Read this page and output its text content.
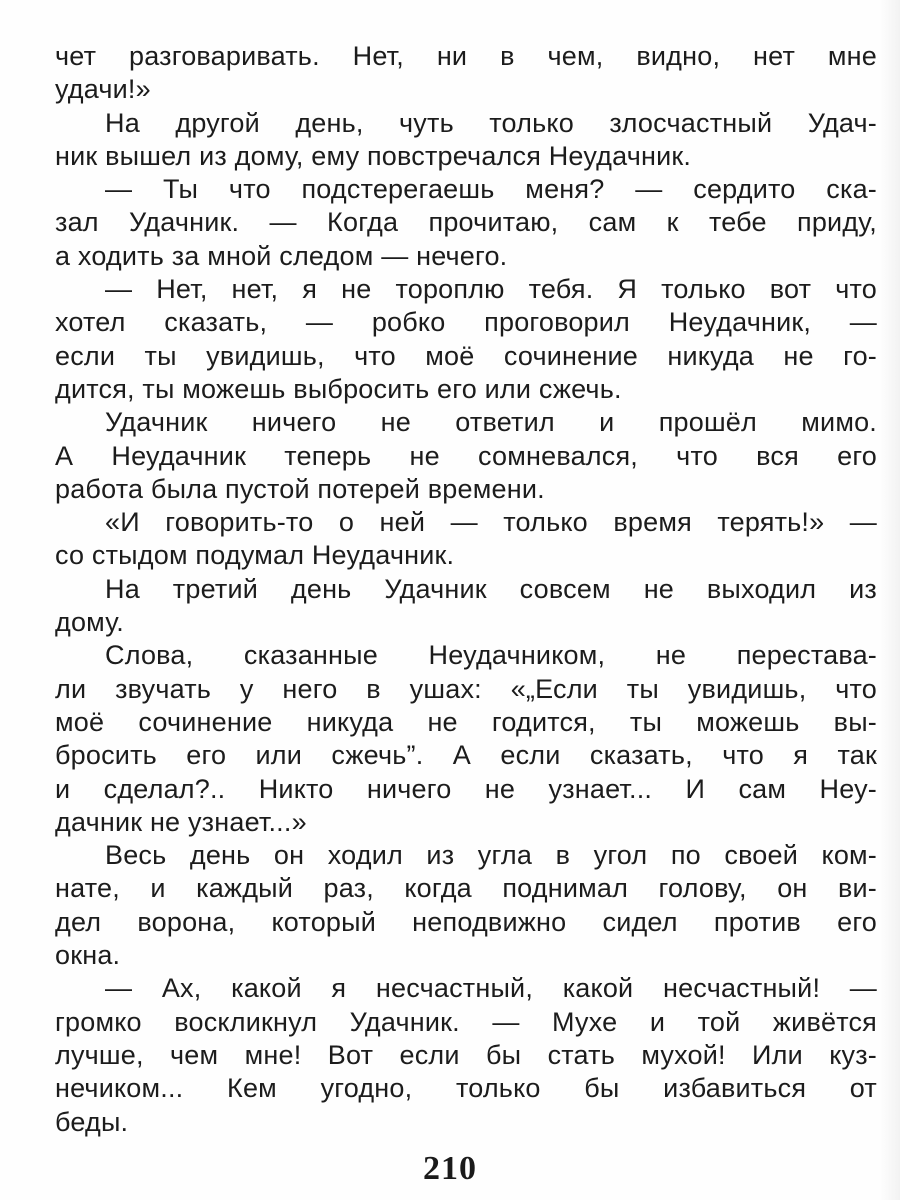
чет разговаривать. Нет, ни в чем, видно, нет мне
удачи!»
На другой день, чуть только злосчастный Удач-
ник вышел из дому, ему повстречался Неудачник.
— Ты что подстерегаешь меня? — сердито ска-
зал Удачник. — Когда прочитаю, сам к тебе приду,
а ходить за мной следом — нечего.
— Нет, нет, я не тороплю тебя. Я только вот что
хотел сказать, — робко проговорил Неудачник, —
если ты увидишь, что моё сочинение никуда не го-
дится, ты можешь выбросить его или сжечь.
Удачник ничего не ответил и прошёл мимо.
А Неудачник теперь не сомневался, что вся его
работа была пустой потерей времени.
«И говорить-то о ней — только время терять!» —
со стыдом подумал Неудачник.
На третий день Удачник совсем не выходил из
дому.
Слова, сказанные Неудачником, не перестава-
ли звучать у него в ушах: «„Если ты увидишь, что
моё сочинение никуда не годится, ты можешь вы-
бросить его или сжечь”. А если сказать, что я так
и сделал?.. Никто ничего не узнает... И сам Неу-
дачник не узнает...»
Весь день он ходил из угла в угол по своей ком-
нате, и каждый раз, когда поднимал голову, он ви-
дел ворона, который неподвижно сидел против его
окна.
— Ах, какой я несчастный, какой несчастный! —
громко воскликнул Удачник. — Мухе и той живётся
лучше, чем мне! Вот если бы стать мухой! Или куз-
нечиком... Кем угодно, только бы избавиться от
беды.
210
